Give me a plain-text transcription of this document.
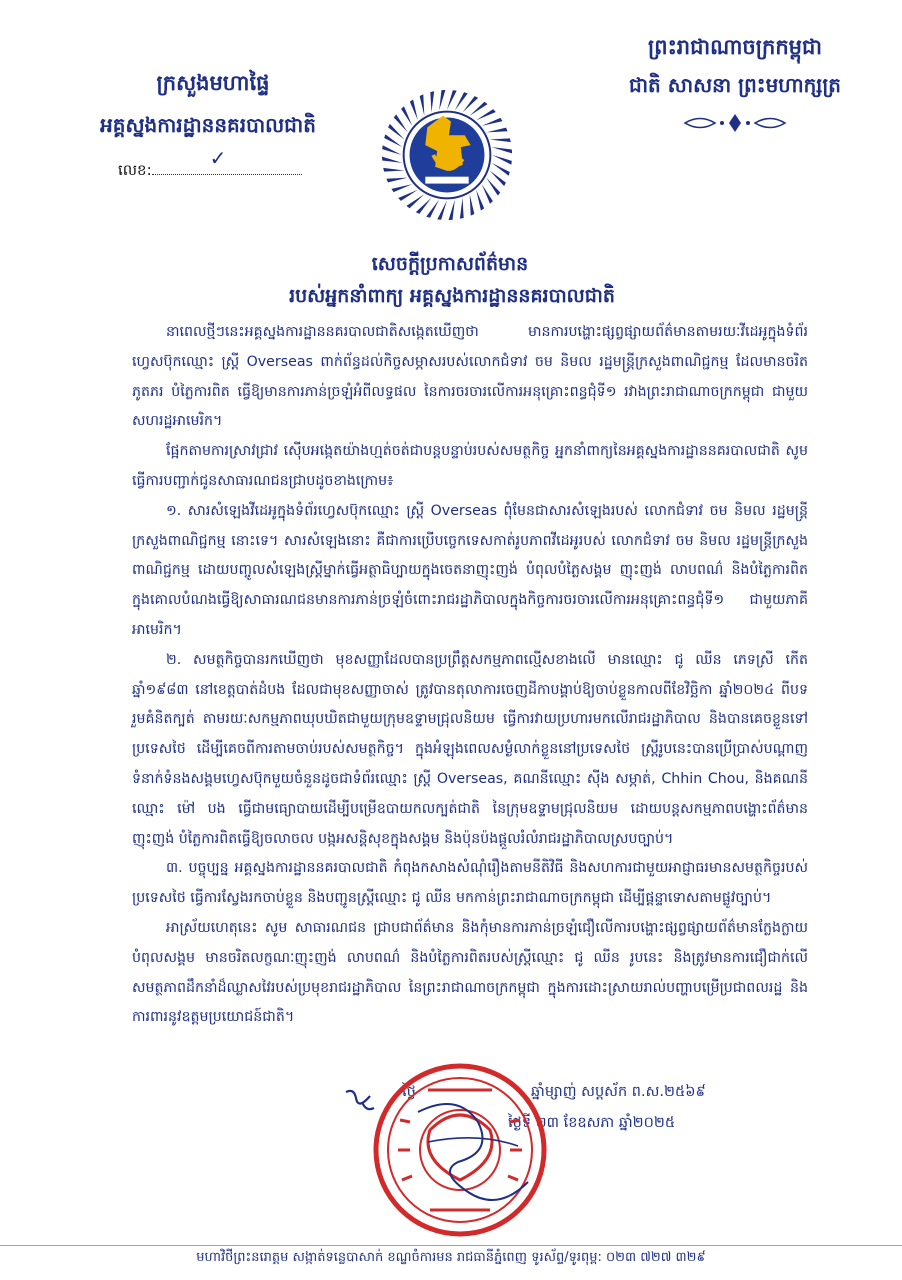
ក្រសួងមហាផ្ទៃ
អគ្គស្នងការដ្ឋាននគរបាលជាតិ
លេខ:	✓
ព្រះរាជាណាចក្រកម្ពុជា
ជាតិ សាសនា ព្រះមហាក្សត្រ
សេចក្ដីប្រកាសព័ត៌មាន
របស់អ្នកនាំពាក្យ អគ្គស្នងការដ្ឋាននគរបាលជាតិ

នាពេលថ្មីៗនេះអគ្គស្នងការដ្ឋាននគរបាលជាតិសង្កេតឃើញថា មានការបង្ហោះផ្សព្វផ្សាយព័ត៌មានតាមរយៈវីដេអូក្នុងទំព័រហ្វេសប៊ុកឈ្មោះ ស្ត្រី Overseas ពាក់ព័ន្ធដល់កិច្ចសម្ភាសរបស់លោកជំទាវ ចម និមល រដ្ឋមន្ត្រីក្រសួងពាណិជ្ជកម្ម ដែលមានចរិតភូតភរ បំភ្លៃការពិត ធ្វើឱ្យមានការភាន់ច្រឡំអំពីលទ្ធផល នៃការចរចារលើការអនុគ្រោះពន្ធជុំទី១ រវាងព្រះរាជាណាចក្រកម្ពុជា ជាមួយសហរដ្ឋអាមេរិក។

ផ្អែកតាមការស្រាវជ្រាវ ស៊ើបអង្កេតយ៉ាងហ្មត់ចត់ជាបន្តបន្ទាប់របស់សមត្ថកិច្ច អ្នកនាំពាក្យនៃអគ្គស្នងការដ្ឋាននគរបាលជាតិ សូមធ្វើការបញ្ជាក់ជូនសាធារណជនជ្រាបដូចខាងក្រោម៖

១. សារសំឡេងវីដេអូក្នុងទំព័រហ្វេសប៊ុកឈ្មោះ ស្ត្រី Overseas ពុំមែនជាសារសំឡេងរបស់ លោកជំទាវ ចម និមល រដ្ឋមន្ត្រីក្រសួងពាណិជ្ជកម្ម នោះទេ។ សារសំឡេងនោះ គឺជាការប្រើបច្ចេកទេសកាត់រូបភាពវីដេអូរបស់ លោកជំទាវ ចម និមល រដ្ឋមន្ត្រីក្រសួងពាណិជ្ជកម្ម ដោយបញ្ចូលសំឡេងស្ត្រីម្នាក់ធ្វើអត្ថាធិប្បាយក្នុងចេតនាញុះញង់ បំពុលបំភ្លៃសង្គម ញុះញង់ លាបពណ៌ និងបំភ្លៃការពិត ក្នុងគោលបំណងធ្វើឱ្យសាធារណជនមានការភាន់ច្រឡំចំពោះរាជរដ្ឋាភិបាលក្នុងកិច្ចការចរចារលើការអនុគ្រោះពន្ធជុំទី១ ជាមួយភាគីអាមេរិក។

២. សមត្ថកិច្ចបានរកឃើញថា មុខសញ្ញាដែលបានប្រព្រឹត្តសកម្មភាពល្មើសខាងលើ មានឈ្មោះ ជូ ឈីន ភេទស្រី កើតឆ្នាំ១៩៨៣ នៅខេត្តបាត់ដំបង ដែលជាមុខសញ្ញាចាស់ ត្រូវបានតុលាការចេញដីកាបង្គាប់ឱ្យចាប់ខ្លួនកាលពីខែវិច្ឆិកា ឆ្នាំ២០២៤ ពីបទរួមគំនិតក្បត់ តាមរយៈសកម្មភាពឃុបឃិតជាមួយក្រុមឧទ្ទាមជ្រុលនិយម ធ្វើការវាយប្រហារមកលើរាជរដ្ឋាភិបាល និងបានគេចខ្លួនទៅប្រទេសថៃ ដើម្បីគេចពីការតាមចាប់របស់សមត្ថកិច្ច។ ក្នុងអំឡុងពេលសម្ងំលាក់ខ្លួននៅប្រទេសថៃ ស្ត្រីរូបនេះបានប្រើប្រាស់បណ្ដាញទំនាក់ទំនងសង្គមហ្វេសប៊ុកមួយចំនួនដូចជាទំព័រឈ្មោះ ស្ត្រី Overseas, គណនីឈ្មោះ ស៊ីង សម្ភាត់, Chhin Chou, និងគណនីឈ្មោះ ម៉ៅ បង ធ្វើជាមធ្យោបាយដើម្បីបម្រើឧបាយកលក្បត់ជាតិ នៃក្រុមឧទ្ទាមជ្រុលនិយម ដោយបន្តសកម្មភាពបង្ហោះព័ត៌មានញុះញង់ បំភ្លៃការពិតធ្វើឱ្យចលាចល បង្កអសន្តិសុខក្នុងសង្គម និងប៉ុនប៉ងផ្ដួលរំលំរាជរដ្ឋាភិបាលស្របច្បាប់។

៣. បច្ចុប្បន្ន អគ្គស្នងការដ្ឋាននគរបាលជាតិ កំពុងកសាងសំណុំរឿងតាមនីតិវិធី និងសហការជាមួយអាជ្ញាធរមានសមត្ថកិច្ចរបស់ប្រទេសថៃ ធ្វើការស្វែងរកចាប់ខ្លួន និងបញ្ជូនស្ត្រីឈ្មោះ ជូ ឈីន មកកាន់ព្រះរាជាណាចក្រកម្ពុជា ដើម្បីផ្ដន្ទាទោសតាមផ្លូវច្បាប់។

អាស្រ័យហេតុនេះ សូម សាធារណជន ជ្រាបជាព័ត៌មាន និងកុំមានការភាន់ច្រឡំជឿលើការបង្ហោះផ្សព្វផ្សាយព័ត៌មានក្លែងក្លាយ បំពុលសង្គម មានចរិតលក្ខណៈញុះញង់ លាបពណ៌ និងបំភ្លៃការពិតរបស់ស្ត្រីឈ្មោះ ជូ ឈីន រូបនេះ និងត្រូវមានការជឿជាក់លើសមត្ថភាពដឹកនាំដ៏ឈ្លាសវៃរបស់ប្រមុខរាជរដ្ឋាភិបាល នៃព្រះរាជាណាចក្រកម្ពុជា ក្នុងការដោះស្រាយរាល់បញ្ហាបម្រើប្រជាពលរដ្ឋ និងការពារនូវឧត្តមប្រយោជន៍ជាតិ។

ថ្ងៃ                         ឆ្នាំម្សាញ់ សប្តស័ក ព.ស.២៥៦៩
ថ្ងៃទី ២៣ ខែឧសភា ឆ្នាំ២០២៥
មហាវិថីព្រះនរោត្តម សង្កាត់ទន្លេបាសាក់ ខណ្ឌចំការមន រាជធានីភ្នំពេញ ទូរស័ព្ទ/ទូរពុម្ព: ០២៣ ៧២៧ ៣២៩
